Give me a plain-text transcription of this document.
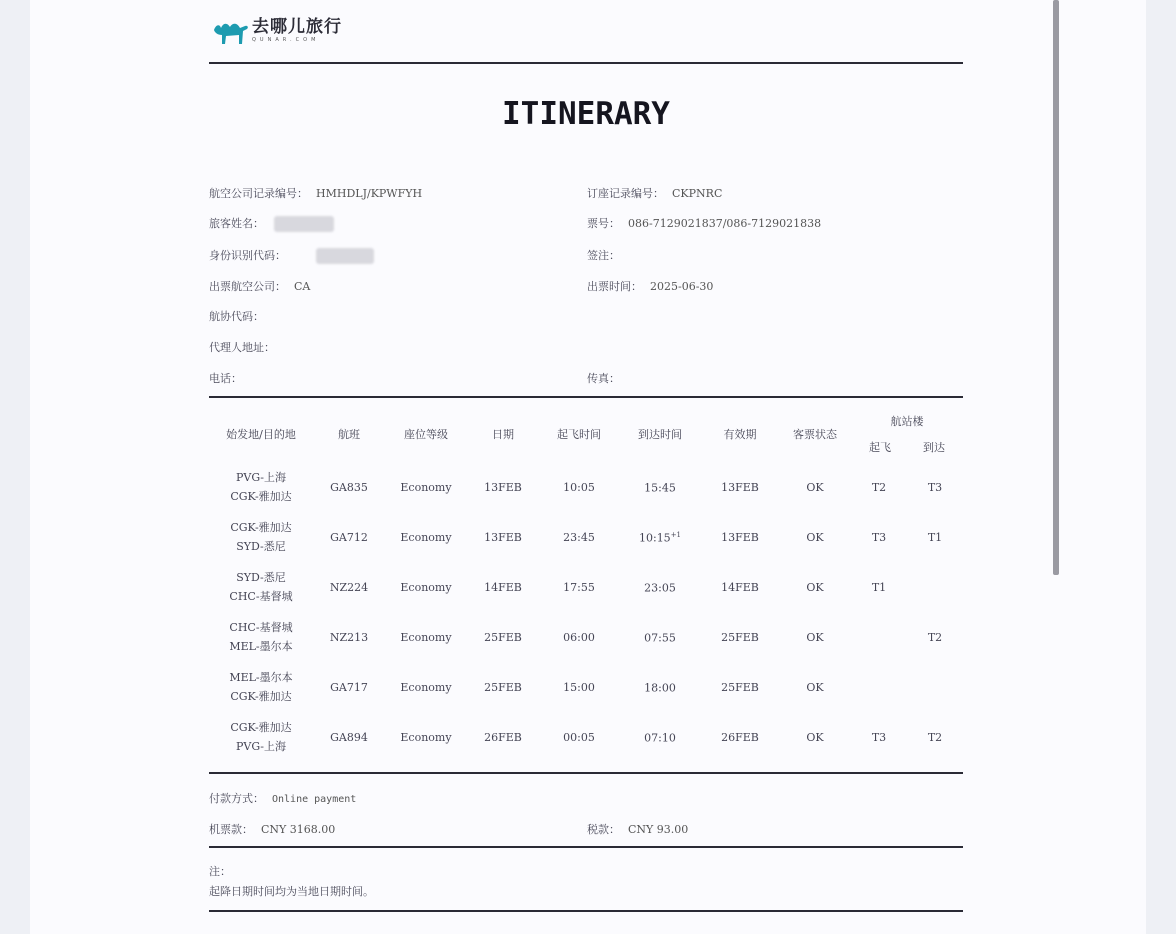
去哪儿旅行
QUNAR.COM
ITINERARY
航空公司记录编号： HMHDLJ/KPWFYH
旅客姓名：
身份识别代码：
出票航空公司： CA
航协代码：
代理人地址：
电话：
订座记录编号： CKPNRC
票号： 086-7129021837/086-7129021838
签注：
出票时间： 2025-06-30
传真：
始发地/目的地	航班	座位等级	日期	起飞时间	到达时间	有效期	客票状态	航站楼
起飞 到达	

PVG-上海
CGK-雅加达	GA835	Economy	13FEB	10:05	15:45	13FEB	OK	T2	T3

CGK-雅加达
SYD-悉尼	GA712	Economy	13FEB	23:45	$10:15^{+1}$	13FEB	OK	T3	T1

SYD-悉尼
CHC-基督城	NZ224	Economy	14FEB	17:55	23:05	14FEB	OK	T1	

CHC-基督城
MEL-墨尔本	NZ213	Economy	25FEB	06:00	07:55	25FEB	OK		T2

MEL-墨尔本
CGK-雅加达	GA717	Economy	25FEB	15:00	18:00	25FEB	OK		

CGK-雅加达
PVG-上海	GA894	Economy	26FEB	00:05	07:10	26FEB	OK	T3	T2
付款方式： Online payment
机票款： CNY 3168.00	税款： CNY 93.00
注：
起降日期时间均为当地日期时间。
